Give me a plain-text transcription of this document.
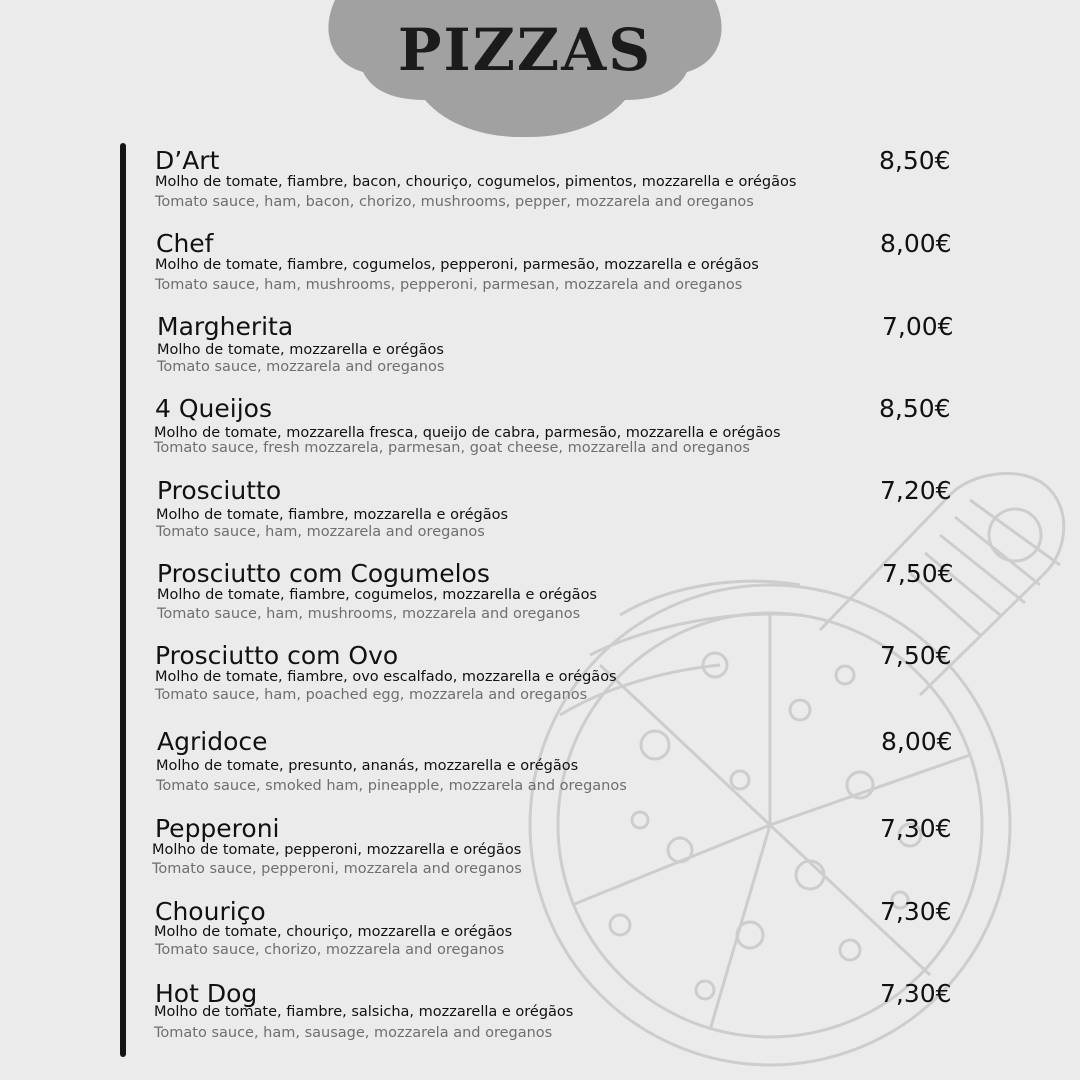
PIZZAS
D’Art	8,50€
Molho de tomate, fiambre, bacon, chouriço, cogumelos, pimentos, mozzarella e orégãos
Tomato sauce, ham, bacon, chorizo, mushrooms, pepper, mozzarela and oreganos
Chef	8,00€
Molho de tomate, fiambre, cogumelos, pepperoni, parmesão, mozzarella e orégãos
Tomato sauce, ham, mushrooms, pepperoni, parmesan, mozzarela and oreganos
Margherita	7,00€
Molho de tomate, mozzarella e orégãos
Tomato sauce, mozzarela and oreganos
4 Queijos	8,50€
Molho de tomate, mozzarella fresca, queijo de cabra, parmesão, mozzarella e orégãos
Tomato sauce, fresh mozzarela, parmesan, goat cheese, mozzarella and oreganos
Prosciutto	7,20€
Molho de tomate, fiambre, mozzarella e orégãos
Tomato sauce, ham, mozzarela and oreganos
Prosciutto com Cogumelos	7,50€
Molho de tomate, fiambre, cogumelos, mozzarella e orégãos
Tomato sauce, ham, mushrooms, mozzarela and oreganos
Prosciutto com Ovo	7,50€
Molho de tomate, fiambre, ovo escalfado, mozzarella e orégãos
Tomato sauce, ham, poached egg, mozzarela and oreganos
Agridoce	8,00€
Molho de tomate, presunto, ananás, mozzarella e orégãos
Tomato sauce, smoked ham, pineapple, mozzarela and oreganos
Pepperoni	7,30€
Molho de tomate, pepperoni, mozzarella e orégãos
Tomato sauce, pepperoni, mozzarela and oreganos
Chouriço	7,30€
Molho de tomate, chouriço, mozzarella e orégãos
Tomato sauce, chorizo, mozzarela and oreganos
Hot Dog	7,30€
Molho de tomate, fiambre, salsicha, mozzarella e orégãos
Tomato sauce, ham, sausage, mozzarela and oreganos
